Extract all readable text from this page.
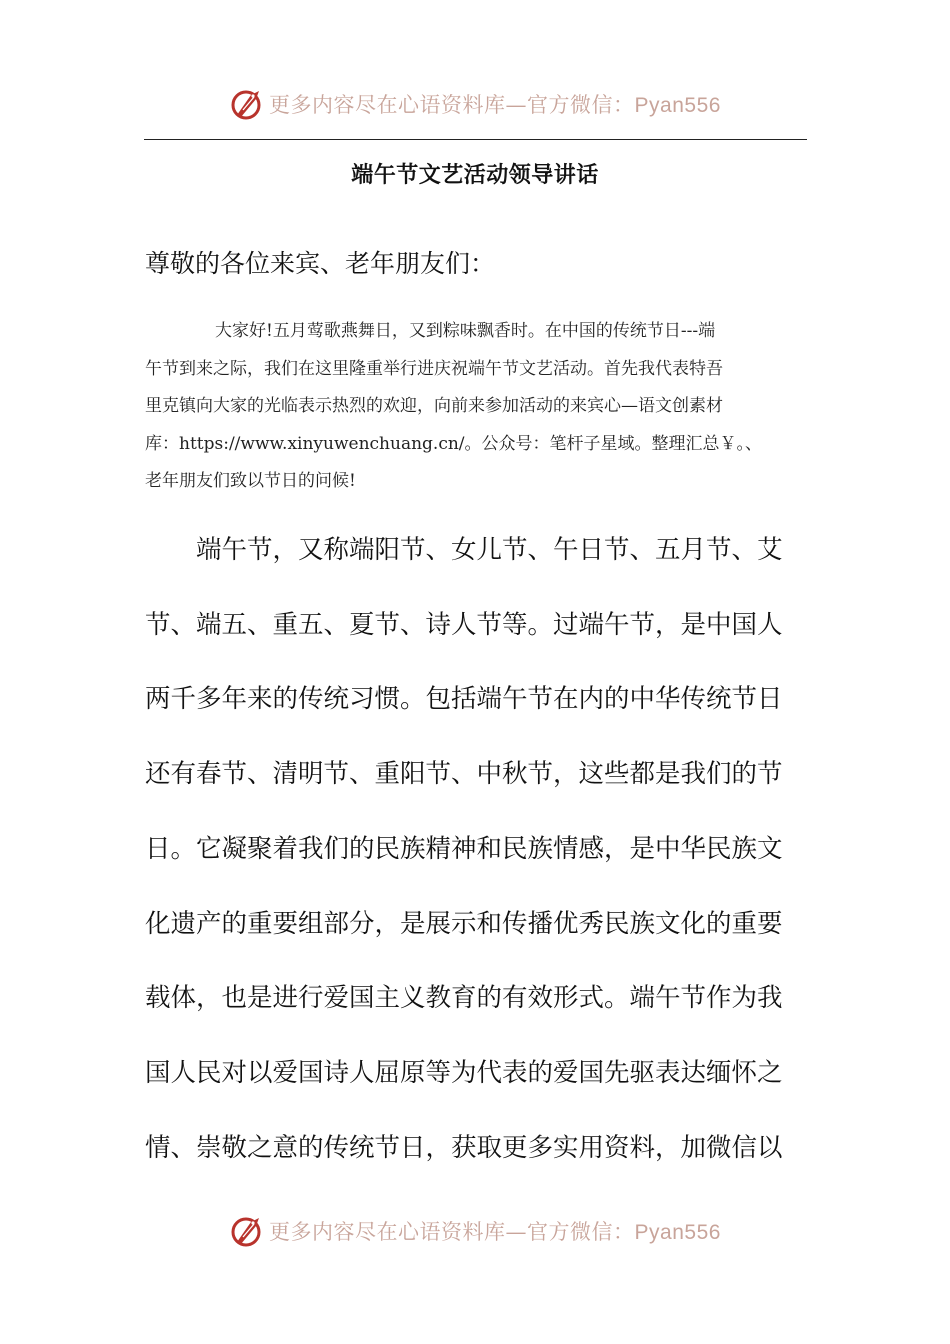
更多内容尽在心语资料库—官方微信：Pyan556
端午节文艺活动领导讲话
尊敬的各位来宾、老年朋友们：

大家好!五月莺歌燕舞日，又到粽味飘香时。在中国的传统节日---端
午节到来之际，我们在这里隆重举行进庆祝端午节文艺活动。首先我代表特吾
里克镇向大家的光临表示热烈的欢迎，向前来参加活动的来宾心—语文创素材
库：https://www.xinyuwenchuang.cn/。公众号：笔杆子星域。整理汇总￥。、
老年朋友们致以节日的问候!

端午节，又称端阳节、女儿节、午日节、五月节、艾
节、端五、重五、夏节、诗人节等。过端午节，是中国人
两千多年来的传统习惯。包括端午节在内的中华传统节日
还有春节、清明节、重阳节、中秋节，这些都是我们的节
日。它凝聚着我们的民族精神和民族情感，是中华民族文
化遗产的重要组部分，是展示和传播优秀民族文化的重要
载体，也是进行爱国主义教育的有效形式。端午节作为我
国人民对以爱国诗人屈原等为代表的爱国先驱表达缅怀之
情、崇敬之意的传统节日，获取更多实用资料，加微信以

更多内容尽在心语资料库—官方微信：Pyan556
